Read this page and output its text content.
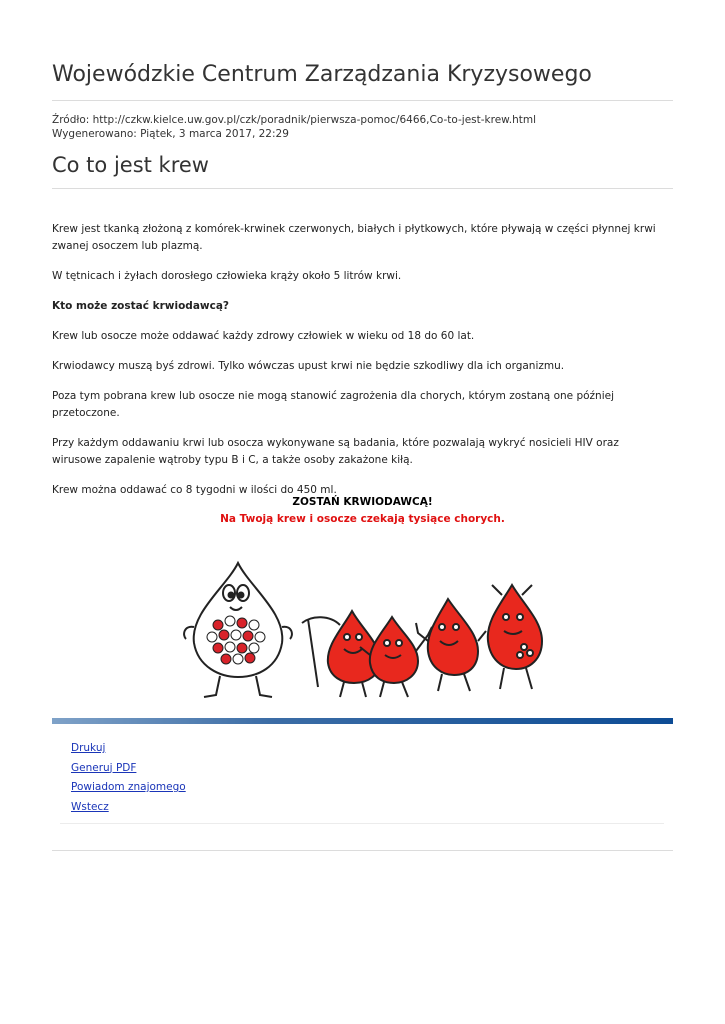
Wojewódzkie Centrum Zarządzania Kryzysowego
Źródło: http://czkw.kielce.uw.gov.pl/czk/poradnik/pierwsza-pomoc/6466,Co-to-jest-krew.html
Wygenerowano: Piątek, 3 marca 2017, 22:29
Co to jest krew

Krew jest tkanką złożoną z komórek-krwinek czerwonych, białych i płytkowych, które pływają w części płynnej krwi zwanej osoczem lub plazmą.

W tętnicach i żyłach dorosłego człowieka krąży około 5 litrów krwi.

Kto może zostać krwiodawcą?

Krew lub osocze może oddawać każdy zdrowy człowiek w wieku od 18 do 60 lat.

Krwiodawcy muszą byś zdrowi. Tylko wówczas upust krwi nie będzie szkodliwy dla ich organizmu.

Poza tym pobrana krew lub osocze nie mogą stanowić zagrożenia dla chorych, którym zostaną one później przetoczone.

Przy każdym oddawaniu krwi lub osocza wykonywane są badania, które pozwalają wykryć nosicieli HIV oraz wirusowe zapalenie wątroby typu B i C, a także osoby zakażone kiłą.

Krew można oddawać co 8 tygodni w ilości do 450 ml.

ZOSTAŃ KRWIODAWCĄ!
Na Twoją krew i osocze czekają tysiące chorych.
Drukuj
Generuj PDF
Powiadom znajomego
Wstecz
